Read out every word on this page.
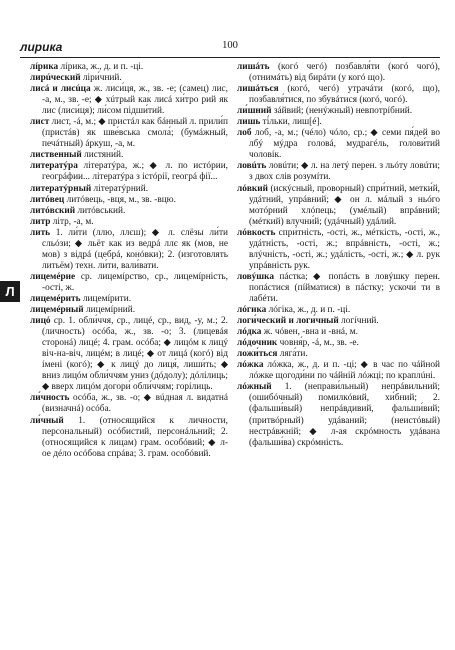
лирика	100
Л

лíрика лíрика, ж., д. и п. -ці.

лирúческий ліри́чний.

лисá и лисúца ж. лиси́ця, ж., зв. -е; (самец) лис, -а, м., зв. -е; ◆ хúтрый как лисá хи́тро рий як лис (лиси́ця); ли́сом підши́тий.

лист лист, -á, м.; ◆ пристáл как бáнный л. прили́п (пристáв) як шве́вська смола́; (бумáжный, печáтный) áркуш, -а, м.

лиственный листяни́й.

литератýра літератýра, ж.; ◆ л. по истóрии, геогрáфии... літератýра з істóрії, геогрá фії...

литератýрный літератýрний.

литóвец литóвець, -вця, м., зв. -вцю.

литóвский литóвський.

литр літр, -а, м.

лить 1. ли́ти (ллю, ллєш); ◆ л. слёзы ли́ти сльóзи; ◆ льёт как из ведрá ллє як (мов, не мов) з відрá (цебрá, конóвки); 2. (изготовлять литьём) техн. ли́ти, вали́вати.

лицемéрие ср. лицемíрство, ср., лицемíрність, -ості, ж.

лицемéрить лицемíрити.

лицемéрный лицемíрний.

лицó ср. 1. обли́ччя, ср., лицé, ср., вид, -у, м.; 2. (личность) осóба, ж., зв. -о; 3. (лицевáя сторонá) лицé; 4. грам. осóба; ◆ лицóм к лицý віч-на-віч, лицéм; в лицé; ◆ от лицá (когó) від íмені (когó); ◆ к лицý до лиця́, лиши́ть; ◆ вниз лицóм обли́ччям униз (дóдолу); дóлілиць; ◆ вверх лицóм догори́ обли́ччям; горíлиць.

ли́чность осóба, ж., зв. -о; ◆ вúдная л. видатнá (визначнá) осóба.

ли́чный 1. (относящийся к личности, персональный) осóбистий, персонáльний; 2. (относящийся к лицам) грам. особóвий; ◆ л-ое дéло осóбова спрáва; 3. грам. особóвий.

лишáть (когó чегó) позбавля́ти (когó чогó), (отнимáть) від бирáти (у когó що).

лишáться (когó, чегó) утрачáти (когó, що), позбавля́тися, по збувáтися (когó, чогó).

ли́шний зáйвий; (ненýжный) невпотрíбний.

лишь ті́льки, лиш[é].

лоб лоб, -а, м.; (чéло) чóло, ср.; ◆ семи пя́дей во лбý мýдра головá, мудрагéль, голови́тий чоловíк.

ловúть ловúти; ◆ л. на летý перен. з льóту ловúти; з двох слів розумíти.

лóвкий (искýсный, проворный) спри́тний, метки́й, удáтний, упрáвний; ◆ он л. мáлый з ньóго мотóрний хлóпець; (умéлый) впрáвний; (мéткий) влучни́й; (удáчный) удáлий.

лóвкость спри́тність, -ості, ж., мéткість, -ості, ж., удáтність, -ості, ж.; впрáвність, -ості, ж.; влýчність, -ості, ж.; удáлість, -ості, ж.; ◆ л. рук упрáвність рук.

ловýшка пáстка; ◆ попáсть в ловýшку перен. попáстися (пíйматися) в пáстку; ускочи́ ти в лабéти.

лóгика лóгіка, ж., д. и п. -ці.

логи́ческий и логи́чный логíчний.

лóдка ж. чóвен, -вна и -внá, м.

лóдочник човня́р, -á, м., зв. -е.

ложи́ться ляга́ти.

лóжка лóжка, ж., д. и п. -ці; ◆ в час по чáйной лóжке щогоди́ни по чáйній лóжці; по краплúні.

лóжный 1. (неправи́льный) непрáвильний; (ошибóчный) помилкóвий, хи́бний; 2. (фальши́вый) непрáвдивий, фальши́вий; (притвóрный) удáваний; (неистóвый) нестрáвжній; ◆ л-ая скрóмность удáвана (фальши́ва) скрóмність.
